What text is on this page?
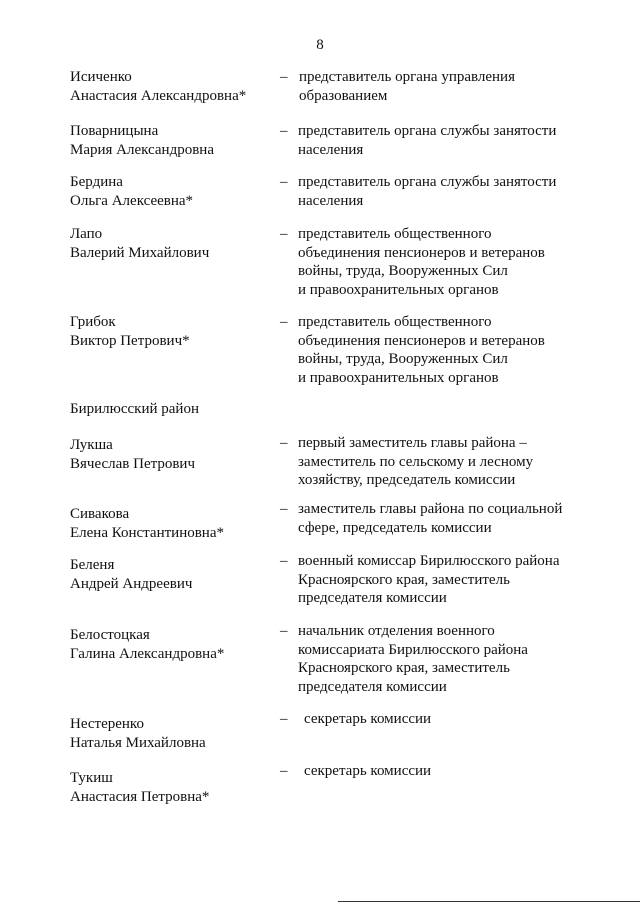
8
Исиченко
Анастасия Александровна*
– представитель органа управления
образованием
Поварницына
Мария Александровна
– представитель органа службы занятости
населения
Бердина
Ольга Алексеевна*
– представитель органа службы занятости
населения
Лапо
Валерий Михайлович
– представитель общественного
объединения пенсионеров и ветеранов
войны, труда, Вооруженных Сил
и правоохранительных органов
Грибок
Виктор Петрович*
– представитель общественного
объединения пенсионеров и ветеранов
войны, труда, Вооруженных Сил
и правоохранительных органов
Бирилюсский район
Лукша
Вячеслав Петрович
– первый заместитель главы района –
заместитель по сельскому и лесному
хозяйству, председатель комиссии
Сивакова
Елена Константиновна*
– заместитель главы района по социальной
сфере, председатель комиссии
Беленя
Андрей Андреевич
– военный комиссар Бирилюсского района
Красноярского края, заместитель
председателя комиссии
Белостоцкая
Галина Александровна*
– начальник отделения военного
комиссариата Бирилюсского района
Красноярского края, заместитель
председателя комиссии
Нестеренко
Наталья Михайловна
– секретарь комиссии
Тукиш
Анастасия Петровна*
– секретарь комиссии
